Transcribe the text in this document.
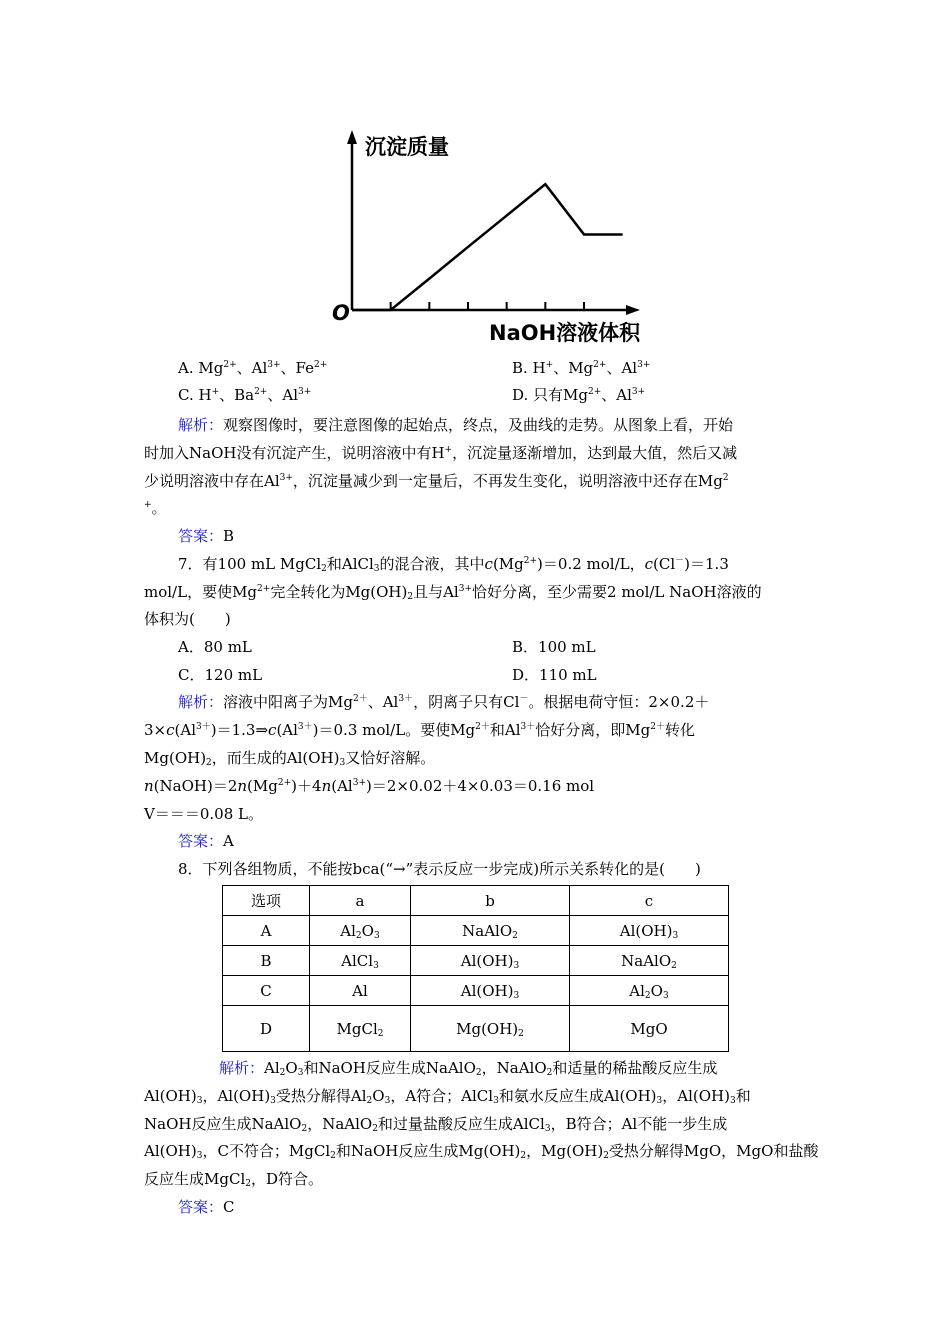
沉淀质量
NaOH溶液体积
O
A. $Mg^{2+}$、$Al^{3+}$、$Fe^{2+}$	B. H+、$Mg^{2+}$、$Al^{3+}$
C. H+、$Ba^{2+}$、$Al^{3+}$	D. 只有$Mg^{2+}$、$Al^{3+}$
解析：观察图像时，要注意图像的起始点，终点，及曲线的走势。从图象上看，开始
时加入NaOH没有沉淀产生，说明溶液中有H+，沉淀量逐渐增加，达到最大值，然后又减
少说明溶液中存在$Al^{3+}$，沉淀量减少到一定量后，不再发生变化，说明溶液中还存在Mg$^2$
+。
答案：B
7．有100 mL MgCl$_2$和AlCl$_3$的混合液，其中$c(Mg^{2+})=0.2$ mol/L，c(Cl－)＝1.3
mol/L，要使$Mg^{2+}$完全转化为$Mg(OH)_2$且与$Al^{3+}$恰好分离，至少需要2 mol/L NaOH溶液的
体积为(　　)
A．80 mL	B．100 mL
C．120 mL	D．110 mL
解析：溶液中阳离子为$Mg^{2+}$、$Al^{3+}$，阴离子只有Cl－。根据电荷守恒：2×0.2＋
$3\times c(Al^{3+})=1.3\Rightarrow c(Al^{3+})=0.3$ mol/L。要使$Mg^{2+}$和$Al^{3+}$恰好分离，即$Mg^{2+}$转化
$Mg(OH)_2$，而生成的$Al(OH)_3$又恰好溶解。
$n(NaOH)=2n(Mg^{2+})+4n(Al^{3+})=2\times 0.02+4\times 0.03=0.16$ mol
V＝＝＝0.08 L。
答案：A
8．下列各组物质，不能按bca(“→”表示反应一步完成)所示关系转化的是(　　)
选项	a	b	c
A	$Al_2O_3$	NaAlO$_2$	$Al(OH)_3$
B	AlCl$_3$	$Al(OH)_3$	NaAlO$_2$
C	Al	$Al(OH)_3$	$Al_2O_3$
D	MgCl$_2$	$Mg(OH)_2$	MgO
解析：$Al_2O_3$和NaOH反应生成NaAlO$_2$，NaAlO$_2$和适量的稀盐酸反应生成
$Al(OH)_3$，$Al(OH)_3$受热分解得$Al_2O_3$，A符合；AlCl$_3$和氨水反应生成$Al(OH)_3$，$Al(OH)_3$和
NaOH反应生成NaAlO$_2$，NaAlO$_2$和过量盐酸反应生成AlCl$_3$，B符合；Al不能一步生成
$Al(OH)_3$，C不符合；MgCl$_2$和NaOH反应生成$Mg(OH)_2$，$Mg(OH)_2$受热分解得MgO，MgO和盐酸
反应生成MgCl$_2$，D符合。
答案：C
